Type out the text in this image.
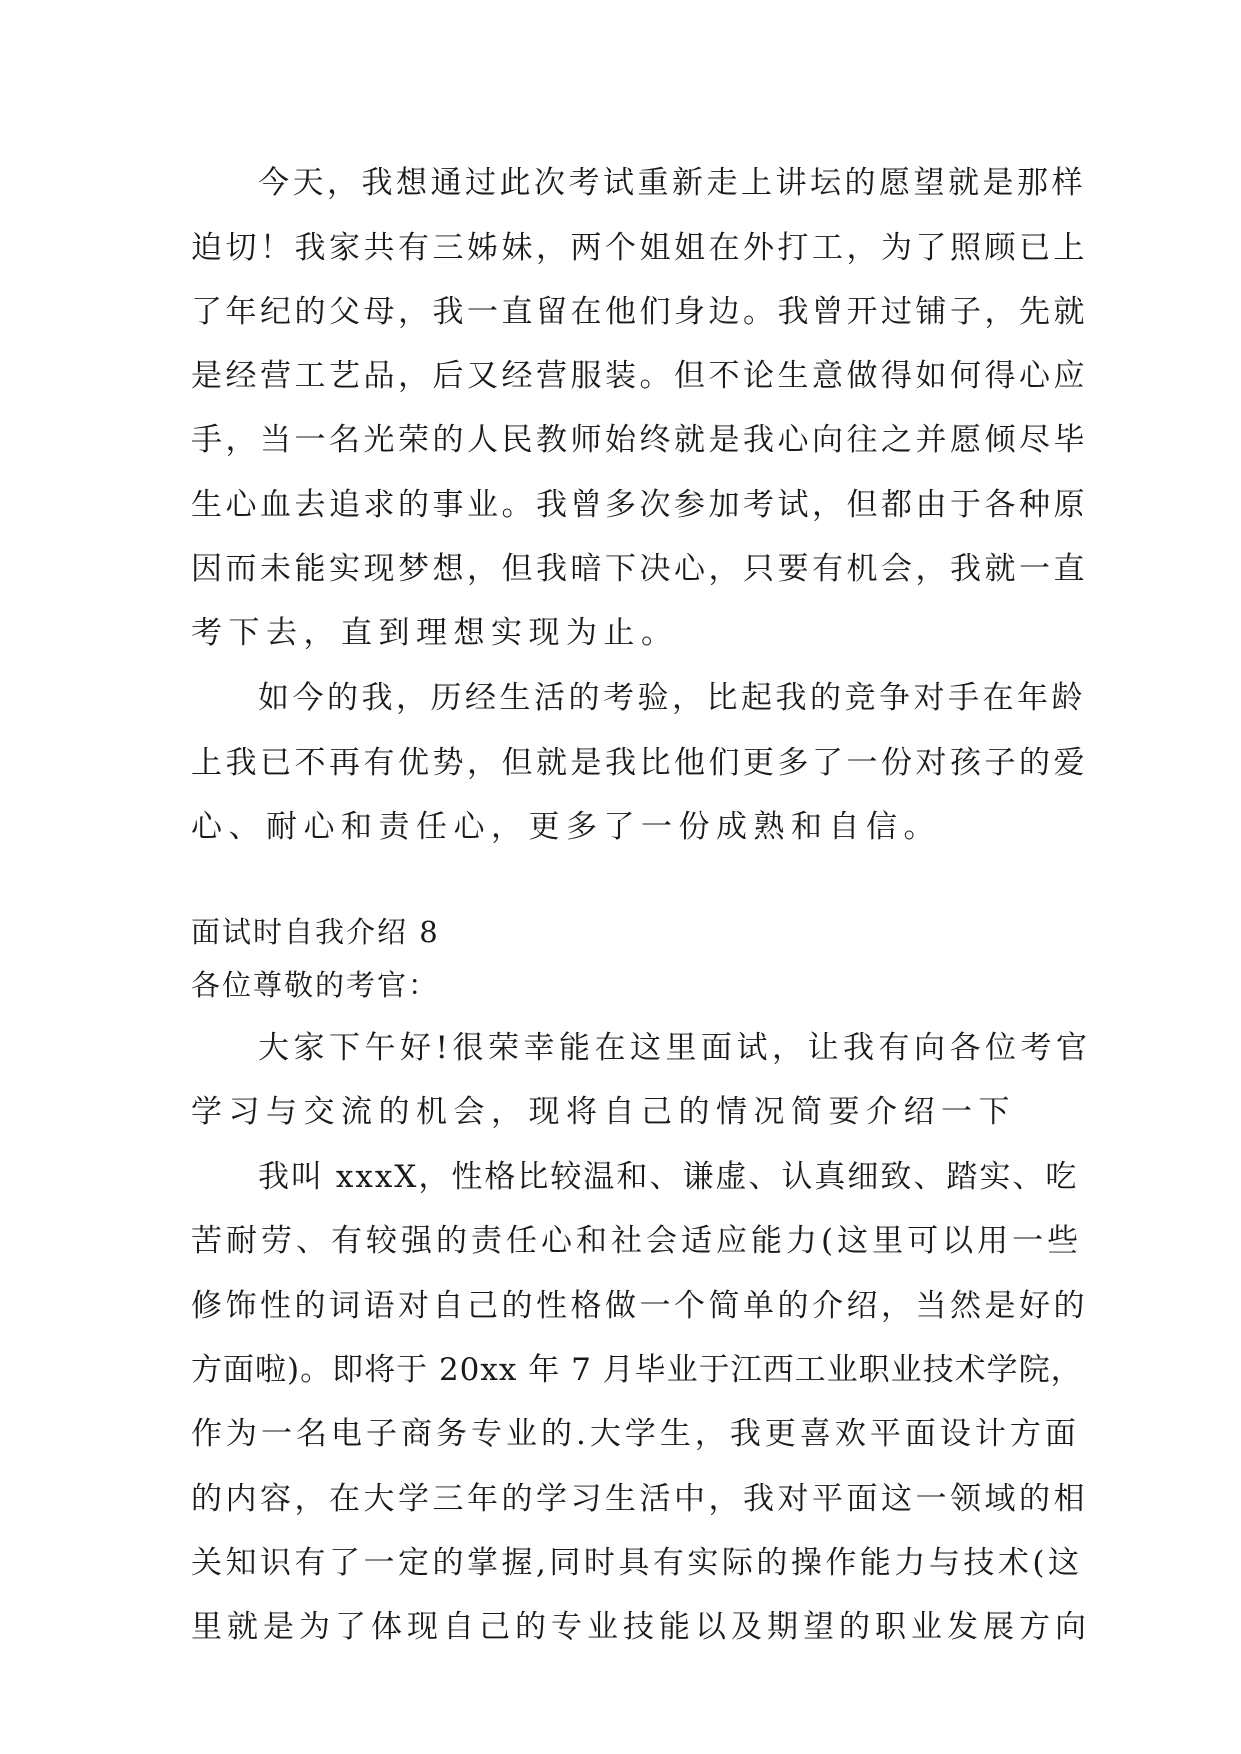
今天，我想通过此次考试重新走上讲坛的愿望就是那样
迫切！我家共有三姊妹，两个姐姐在外打工，为了照顾已上
了年纪的父母，我一直留在他们身边。我曾开过铺子，先就
是经营工艺品，后又经营服装。但不论生意做得如何得心应
手，当一名光荣的人民教师始终就是我心向往之并愿倾尽毕
生心血去追求的事业。我曾多次参加考试，但都由于各种原
因而未能实现梦想，但我暗下决心，只要有机会，我就一直
考下去，直到理想实现为止。
如今的我，历经生活的考验，比起我的竞争对手在年龄
上我已不再有优势，但就是我比他们更多了一份对孩子的爱
心、耐心和责任心，更多了一份成熟和自信。
面试时自我介绍 8
各位尊敬的考官：
大家下午好!很荣幸能在这里面试，让我有向各位考官
学习与交流的机会，现将自己的情况简要介绍一下
我叫 xxxX，性格比较温和、谦虚、认真细致、踏实、吃
苦耐劳、有较强的责任心和社会适应能力(这里可以用一些
修饰性的词语对自己的性格做一个简单的介绍，当然是好的
方面啦)。即将于 20xx 年 7 月毕业于江西工业职业技术学院，
作为一名电子商务专业的.大学生，我更喜欢平面设计方面
的内容，在大学三年的学习生活中，我对平面这一领域的相
关知识有了一定的掌握,同时具有实际的操作能力与技术(这
里就是为了体现自己的专业技能以及期望的职业发展方向
